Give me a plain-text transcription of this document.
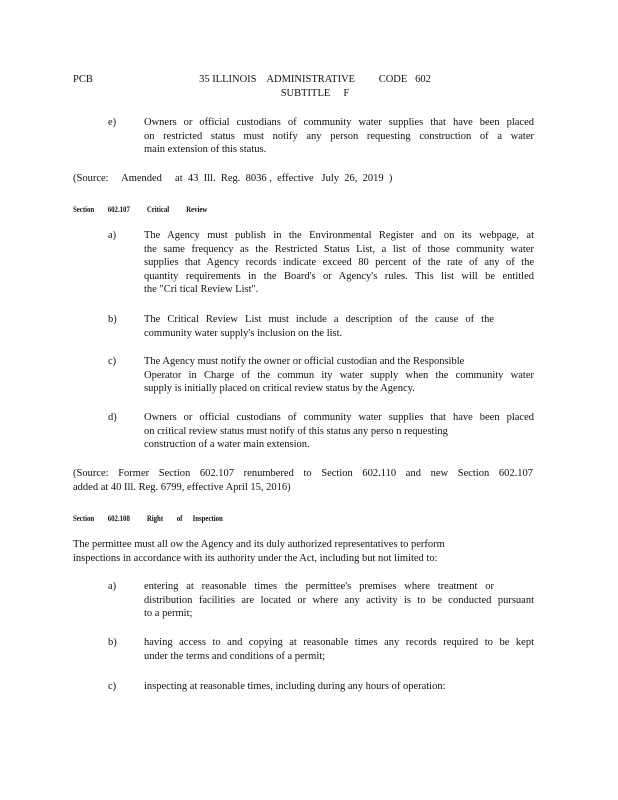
PCB	35 ILLINOIS    ADMINISTRATIVE         CODE   602
SUBTITLE     F
e)	Owners or official custodians of community water supplies that have been placed
on restricted status must notify any person requesting construction of a water
main extension of this status.
(Source:     Amended     at  43  Ill.  Reg.  8036 ,  effective   July  26,  2019  )
Section        602.107 Critical          Review
a)	The Agency must publish in the Environmental Register and on its webpage, at
the same frequency as the Restricted Status List, a list of those community water
supplies that Agency records indicate exceed 80 percent of the rate of any of the
quantity requirements in the Board's or Agency's rules. This list will be entitled
the "Cri tical Review List".
b)	The Critical Review List must include a description of the cause of the
community water supply's inclusion on the list.
c)	The Agency must notify the owner or official custodian and the Responsible
Operator in Charge of the commun ity water supply when the community water
supply is initially placed on critical review status by the Agency.
d)	Owners or official custodians of community water supplies that have been placed
on critical review status must notify of this status any perso n requesting
construction of a water main extension.
(Source: Former Section 602.107 renumbered to Section 602.110 and new Section 602.107
added at 40 Ill. Reg. 6799, effective April 15, 2016)
Section        602.108 Right        of      Inspection
The permittee must all ow the Agency and its duly authorized representatives to perform
inspections in accordance with its authority under the Act, including but not limited to:
a)	entering at reasonable times the permittee's premises where treatment or
distribution facilities are located or where any activity is to be conducted pursuant
to a permit;
b)	having access to and copying at reasonable times any records required to be kept
under the terms and conditions of a permit;
c)	inspecting at reasonable times, including during any hours of operation:
